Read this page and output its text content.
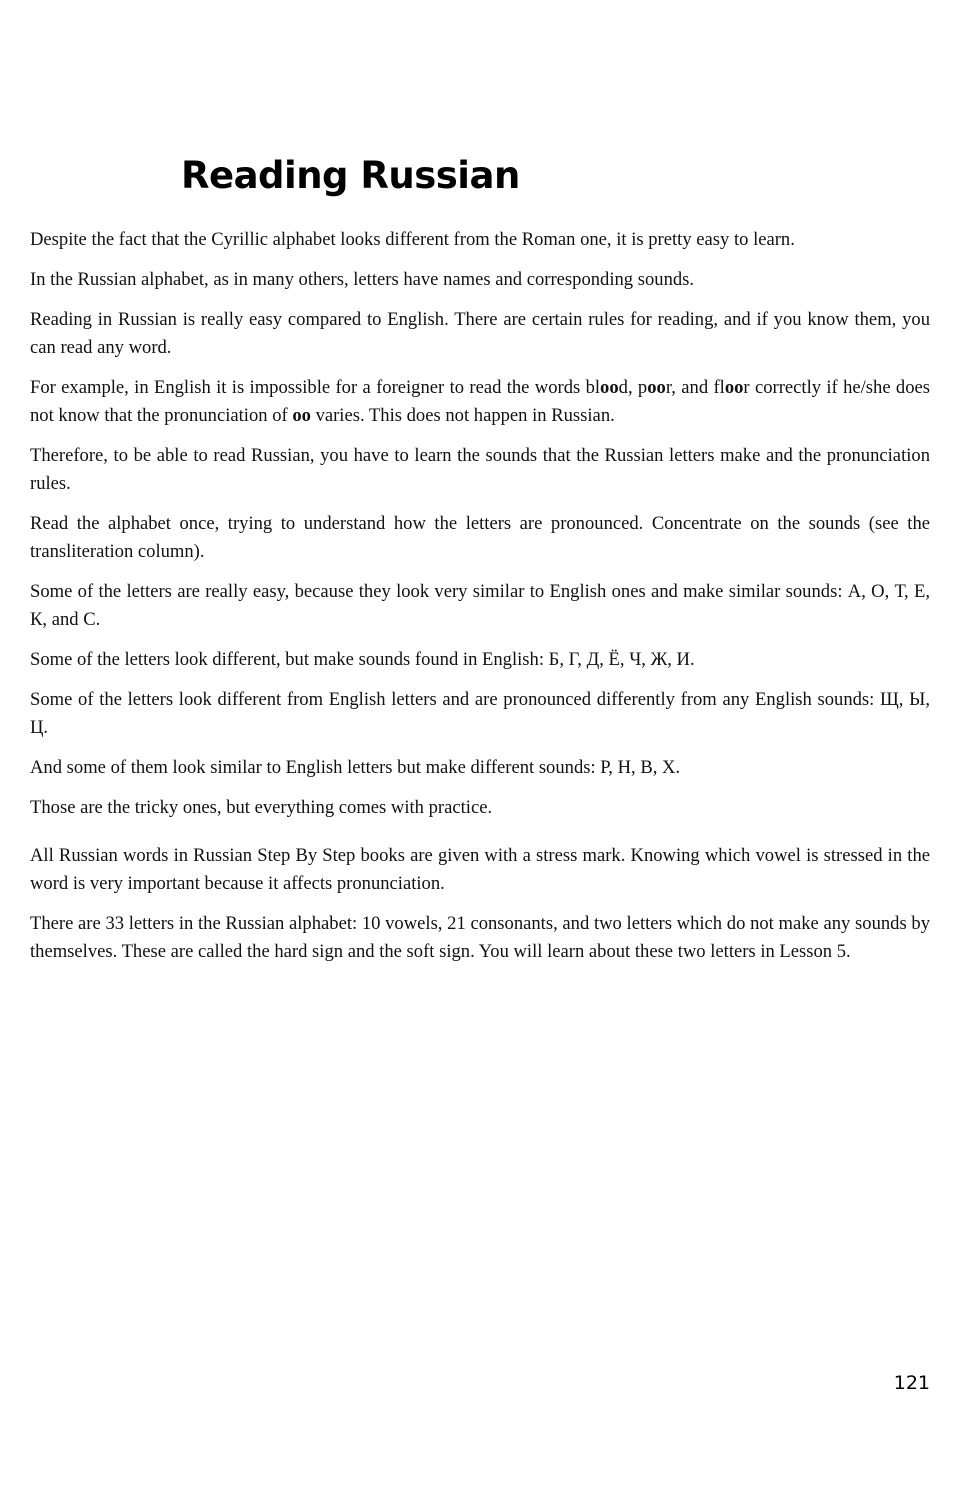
Reading Russian

Despite the fact that the Cyrillic alphabet looks different from the Roman one, it is pretty easy to learn.

In the Russian alphabet, as in many others, letters have names and corresponding sounds.

Reading in Russian is really easy compared to English. There are certain rules for reading, and if you know them, you can read any word.

For example, in English it is impossible for a foreigner to read the words blood, poor, and floor correctly if he/she does not know that the pronunciation of oo varies. This does not happen in Russian.

Therefore, to be able to read Russian, you have to learn the sounds that the Russian letters make and the pronunciation rules.

Read the alphabet once, trying to understand how the letters are pronounced. Concentrate on the sounds (see the transliteration column).

Some of the letters are really easy, because they look very similar to English ones and make similar sounds: А, О, Т, Е, К, and С.

Some of the letters look different, but make sounds found in English: Б, Г, Д, Ё, Ч, Ж, И.

Some of the letters look different from English letters and are pronounced differently from any English sounds: Щ, Ы, Ц.

And some of them look similar to English letters but make different sounds: Р, Н, В, Х.

Those are the tricky ones, but everything comes with practice.

All Russian words in Russian Step By Step books are given with a stress mark. Knowing which vowel is stressed in the word is very important because it affects pronunciation.

There are 33 letters in the Russian alphabet: 10 vowels, 21 consonants, and two letters which do not make any sounds by themselves. These are called the hard sign and the soft sign. You will learn about these two letters in Lesson 5.

121
